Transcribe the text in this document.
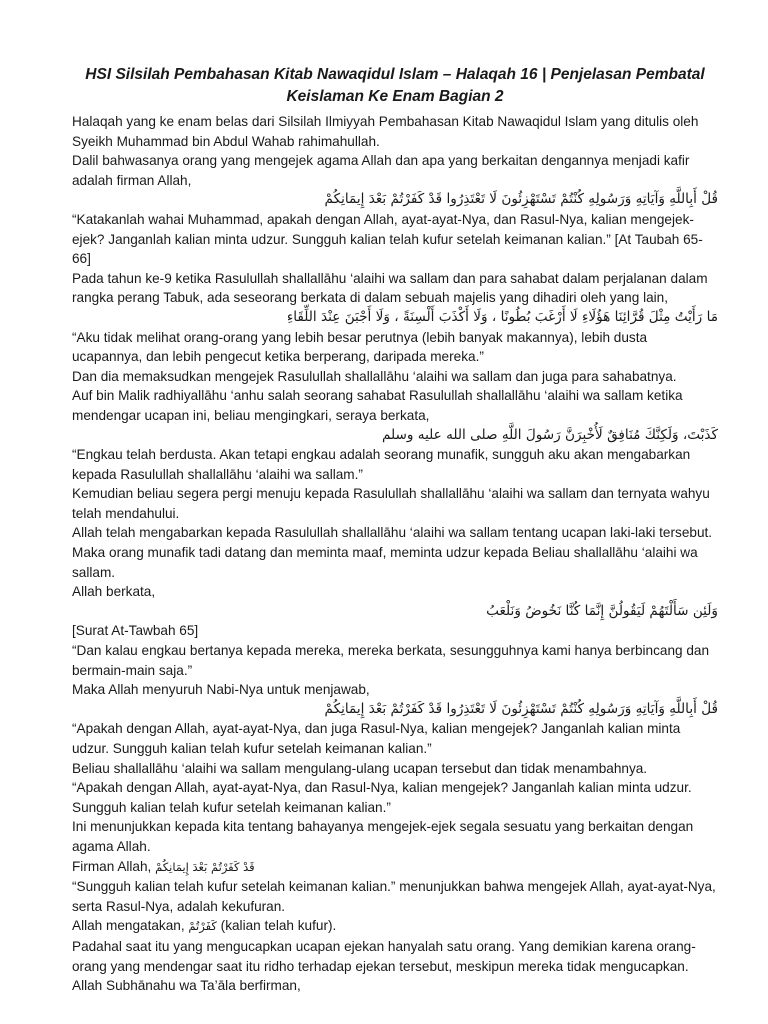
HSI Silsilah Pembahasan Kitab Nawaqidul Islam – Halaqah 16 | Penjelasan Pembatal Keislaman Ke Enam Bagian 2

Halaqah yang ke enam belas dari Silsilah Ilmiyyah Pembahasan Kitab Nawaqidul Islam yang ditulis oleh Syeikh Muhammad bin Abdul Wahab rahimahullah.

Dalil bahwasanya orang yang mengejek agama Allah dan apa yang berkaitan dengannya menjadi kafir adalah firman Allah,

قُلْ أَبِاللَّهِ وَآيَاتِهِ وَرَسُولِهِ كُنْتُمْ تَسْتَهْزِئُونَ لَا تَعْتَذِرُوا قَدْ كَفَرْتُمْ بَعْدَ إِيمَانِكُمْ

“Katakanlah wahai Muhammad, apakah dengan Allah, ayat-ayat-Nya, dan Rasul-Nya, kalian mengejek-ejek? Janganlah kalian minta udzur. Sungguh kalian telah kufur setelah keimanan kalian.” [At Taubah 65-66]

Pada tahun ke-9 ketika Rasulullah shallallāhu ‘alaihi wa sallam dan para sahabat dalam perjalanan dalam rangka perang Tabuk, ada seseorang berkata di dalam sebuah majelis yang dihadiri oleh yang lain,

مَا رَأَيْتُ مِثْلَ قُرَّائِنَا هَؤُلَاءِ لَا أَرْغَبَ بُطُونًا ، وَلَا أَكْذَبَ أَلْسِنَةً ، وَلَا أَجْبَنَ عِنْدَ اللِّقَاءِ

“Aku tidak melihat orang-orang yang lebih besar perutnya (lebih banyak makannya), lebih dusta ucapannya, dan lebih pengecut ketika berperang, daripada mereka.”

Dan dia memaksudkan mengejek Rasulullah shallallāhu ‘alaihi wa sallam dan juga para sahabatnya.

Auf bin Malik radhiyallāhu ‘anhu salah seorang sahabat Rasulullah shallallāhu ‘alaihi wa sallam ketika mendengar ucapan ini, beliau mengingkari, seraya berkata,

كَذَبْتَ، وَلَكِنَّكَ مُنَافِقٌ لَأُخْبِرَنَّ رَسُولَ اللَّهِ صلى الله عليه وسلم

“Engkau telah berdusta. Akan tetapi engkau adalah seorang munafik, sungguh aku akan mengabarkan kepada Rasulullah shallallāhu ‘alaihi wa sallam.”

Kemudian beliau segera pergi menuju kepada Rasulullah shallallāhu ‘alaihi wa sallam dan ternyata wahyu telah mendahului.

Allah telah mengabarkan kepada Rasulullah shallallāhu ‘alaihi wa sallam tentang ucapan laki-laki tersebut.

Maka orang munafik tadi datang dan meminta maaf, meminta udzur kepada Beliau shallallāhu ‘alaihi wa sallam.

Allah berkata,

وَلَئِن سَأَلْتَهُمْ لَيَقُولُنَّ إِنَّمَا كُنَّا نَخُوضُ وَنَلْعَبُ

[Surat At-Tawbah 65]

“Dan kalau engkau bertanya kepada mereka, mereka berkata, sesungguhnya kami hanya berbincang dan bermain-main saja.”

Maka Allah menyuruh Nabi-Nya untuk menjawab,

قُلْ أَبِاللَّهِ وَآيَاتِهِ وَرَسُولِهِ كُنْتُمْ تَسْتَهْزِئُونَ لَا تَعْتَذِرُوا قَدْ كَفَرْتُمْ بَعْدَ إِيمَانِكُمْ

“Apakah dengan Allah, ayat-ayat-Nya, dan juga Rasul-Nya, kalian mengejek? Janganlah kalian minta udzur. Sungguh kalian telah kufur setelah keimanan kalian.”

Beliau shallallāhu ‘alaihi wa sallam mengulang-ulang ucapan tersebut dan tidak menambahnya.

“Apakah dengan Allah, ayat-ayat-Nya, dan Rasul-Nya, kalian mengejek? Janganlah kalian minta udzur. Sungguh kalian telah kufur setelah keimanan kalian.”

Ini menunjukkan kepada kita tentang bahayanya mengejek-ejek segala sesuatu yang berkaitan dengan agama Allah.

Firman Allah, قَدْ كَفَرْتُمْ بَعْدَ إِيمَانِكُمْ

“Sungguh kalian telah kufur setelah keimanan kalian.” menunjukkan bahwa mengejek Allah, ayat-ayat-Nya, serta Rasul-Nya, adalah kekufuran.

Allah mengatakan, كَفَرْتُمْ (kalian telah kufur).

Padahal saat itu yang mengucapkan ucapan ejekan hanyalah satu orang. Yang demikian karena orang-orang yang mendengar saat itu ridho terhadap ejekan tersebut, meskipun mereka tidak mengucapkan.

Allah Subhānahu wa Ta’āla berfirman,
